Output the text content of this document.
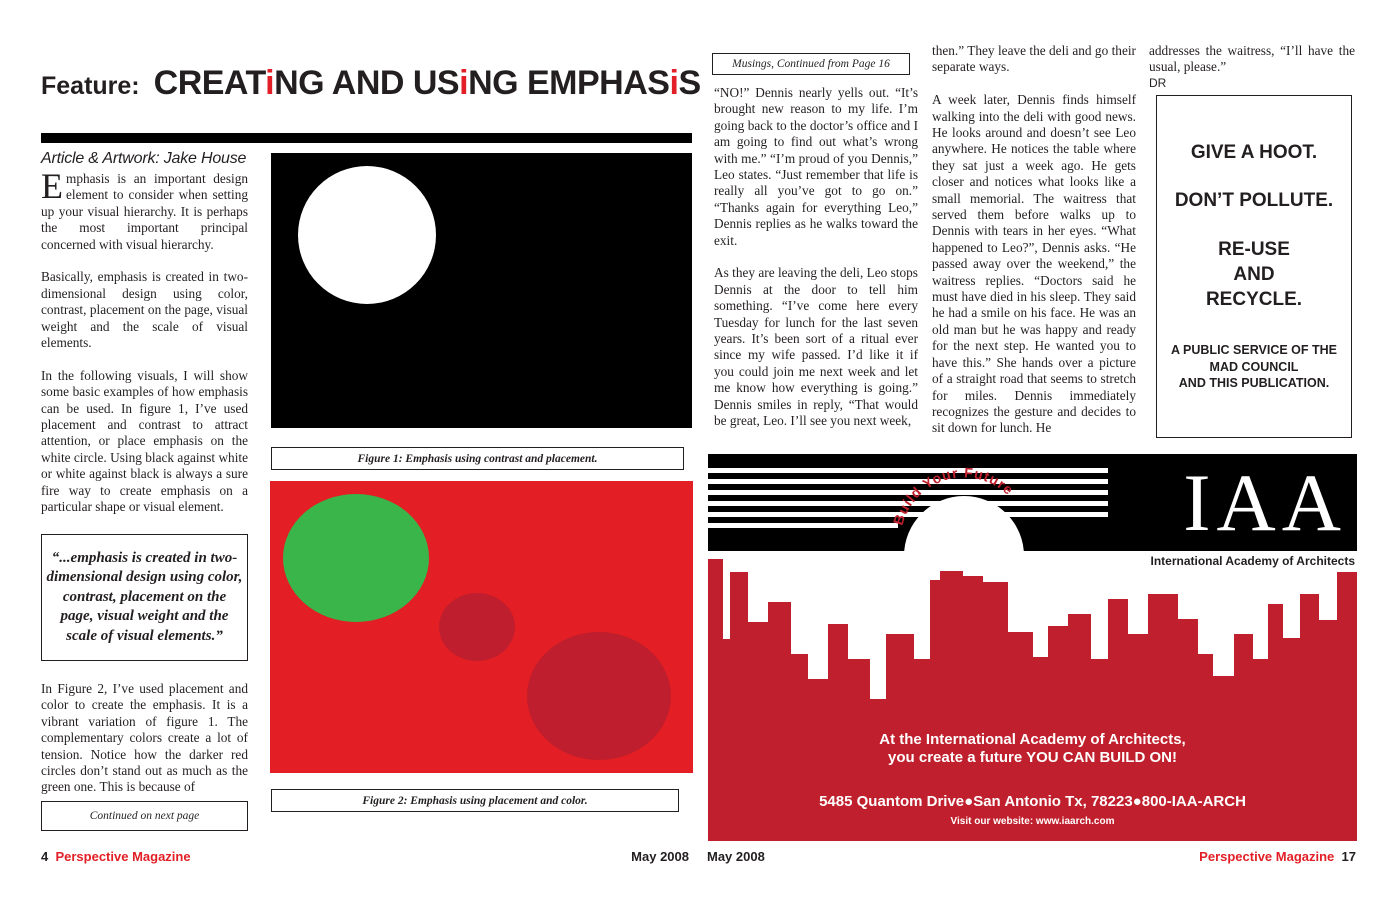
Feature: CREATiNG AND USiNG EMPHASiS
Article & Artwork: Jake House

Emphasis is an important design element to consider when setting up your visual hierarchy. It is perhaps the most important principal concerned with visual hierarchy.

Basically, emphasis is created in two-dimensional design using color, contrast, placement on the page, visual weight and the scale of visual elements.

In the following visuals, I will show some basic examples of how emphasis can be used. In figure 1, I’ve used placement and contrast to attract attention, or place emphasis on the white circle. Using black against white or white against black is always a sure fire way to create emphasis on a particular shape or visual element.

“...emphasis is created in two-dimensional design using color, contrast, placement on the page, visual weight and the scale of visual elements.”

In Figure 2, I’ve used placement and color to create the emphasis. It is a vibrant variation of figure 1. The complementary colors create a lot of tension. Notice how the darker red circles don’t stand out as much as the green one. This is because of

Continued on next page
Figure 1: Emphasis using contrast and placement.
Figure 2: Emphasis using placement and color.
4 Perspective Magazine	May 2008
Musings, Continued from Page 16

“NO!” Dennis nearly yells out. “It’s brought new reason to my life. I’m going back to the doctor’s office and I am going to find out what’s wrong with me.” “I’m proud of you Dennis,” Leo states. “Just remember that life is really all you’ve got to go on.” “Thanks again for everything Leo,” Dennis replies as he walks toward the exit.

As they are leaving the deli, Leo stops Dennis at the door to tell him something. “I’ve come here every Tuesday for lunch for the last seven years. It’s been sort of a ritual ever since my wife passed. I’d like it if you could join me next week and let me know how everything is going.” Dennis smiles in reply, “That would be great, Leo. I’ll see you next week,

then.” They leave the deli and go their separate ways.

A week later, Dennis finds himself walking into the deli with good news. He looks around and doesn’t see Leo anywhere. He notices the table where they sat just a week ago. He gets closer and notices what looks like a small memorial. The waitress that served them before walks up to Dennis with tears in her eyes. “What happened to Leo?”, Dennis asks. “He passed away over the weekend,” the waitress replies. “Doctors said he must have died in his sleep. They said he had a smile on his face. He was an old man but he was happy and ready for the next step. He wanted you to have this.” She hands over a picture of a straight road that seems to stretch for miles. Dennis immediately recognizes the gesture and decides to sit down for lunch. He

addresses the waitress, “I’ll have the usual, please.”

DR
GIVE A HOOT.
DON’T POLLUTE.
RE-USE
AND
RECYCLE.
A PUBLIC SERVICE OF THE
MAD COUNCIL
AND THIS PUBLICATION.
Build Your Future IAA
International Academy of Architects
At the International Academy of Architects,
you create a future YOU CAN BUILD ON!
5485 Quantom Drive●San Antonio Tx, 78223●800-IAA-ARCH
Visit our website: www.iaarch.com
May 2008	Perspective Magazine 17
